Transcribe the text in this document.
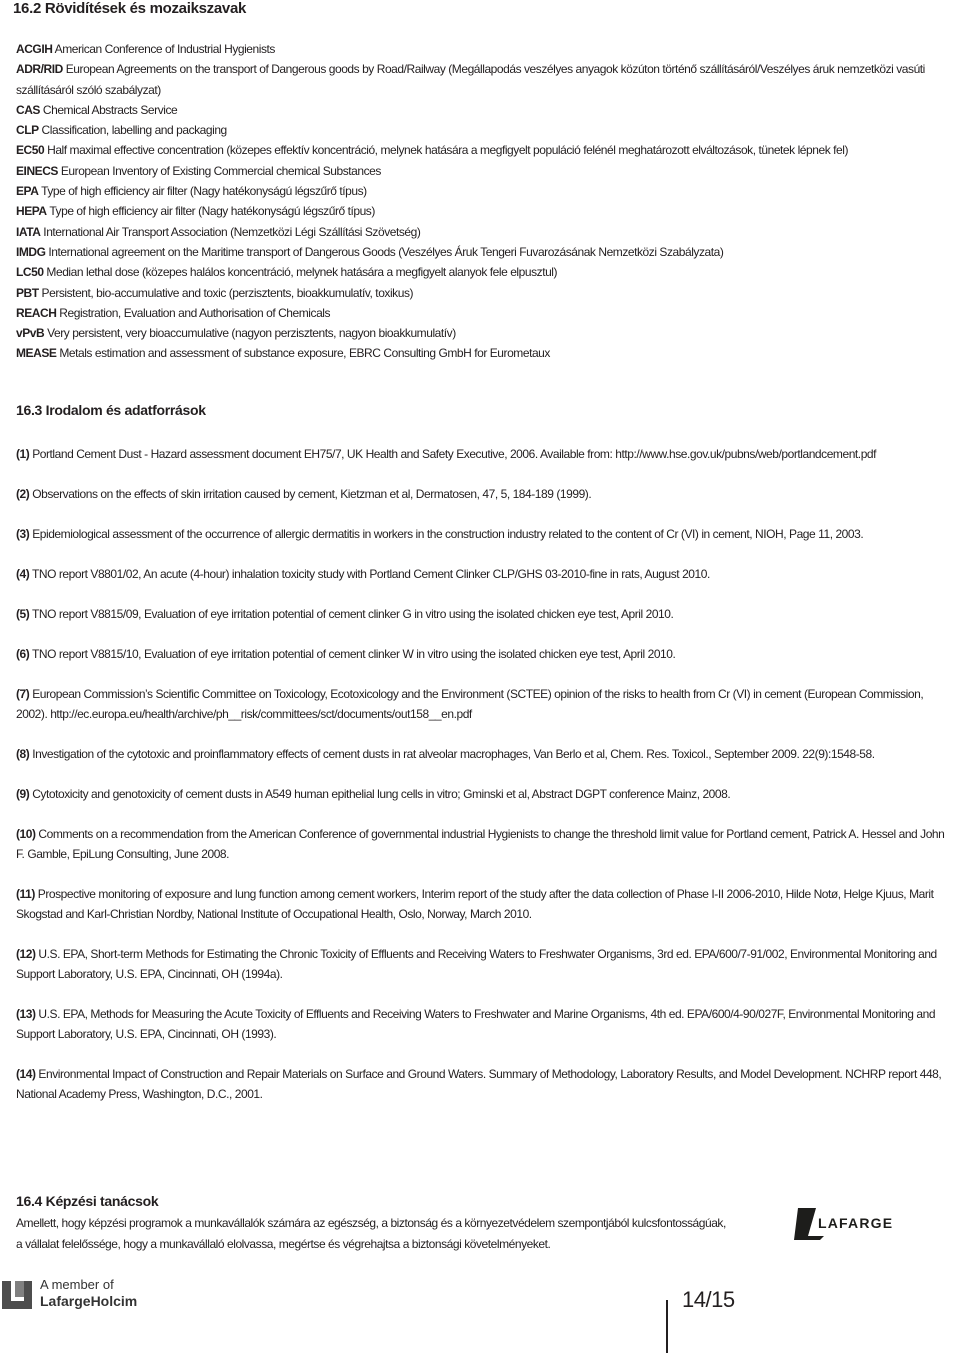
16.2 Rövidítések és mozaikszavak
ACGIH American Conference of Industrial Hygienists
ADR/RID European Agreements on the transport of Dangerous goods by Road/Railway (Megállapodás veszélyes anyagok közúton történő szállításáról/Veszélyes áruk nemzetközi vasúti szállításáról szóló szabályzat)
CAS Chemical Abstracts Service
CLP Classification, labelling and packaging
EC50 Half maximal effective concentration (közepes effektív koncentráció, melynek hatására a megfigyelt populáció felénél meghatározott elváltozások, tünetek lépnek fel)
EINECS European Inventory of Existing Commercial chemical Substances
EPA Type of high efficiency air filter (Nagy hatékonyságú légszűrő típus)
HEPA Type of high efficiency air filter (Nagy hatékonyságú légszűrő típus)
IATA International Air Transport Association (Nemzetközi Légi Szállítási Szövetség)
IMDG International agreement on the Maritime transport of Dangerous Goods (Veszélyes Áruk Tengeri Fuvarozásának Nemzetközi Szabályzata)
LC50 Median lethal dose (közepes halálos koncentráció, melynek hatására a megfigyelt alanyok fele elpusztul)
PBT Persistent, bio-accumulative and toxic (perzisztents, bioakkumulatív, toxikus)
REACH Registration, Evaluation and Authorisation of Chemicals
vPvB Very persistent, very bioaccumulative (nagyon perzisztents, nagyon bioakkumulatív)
MEASE Metals estimation and assessment of substance exposure, EBRC Consulting GmbH for Eurometaux
16.3 Irodalom és adatforrások
(1) Portland Cement Dust - Hazard assessment document EH75/7, UK Health and Safety Executive, 2006. Available from: http://www.hse.gov.uk/pubns/web/portlandcement.pdf
(2) Observations on the effects of skin irritation caused by cement, Kietzman et al, Dermatosen, 47, 5, 184-189 (1999).
(3) Epidemiological assessment of the occurrence of allergic dermatitis in workers in the construction industry related to the content of Cr (VI) in cement, NIOH, Page 11, 2003.
(4) TNO report V8801/02, An acute (4-hour) inhalation toxicity study with Portland Cement Clinker CLP/GHS 03-2010-fine in rats, August 2010.
(5) TNO report V8815/09, Evaluation of eye irritation potential of cement clinker G in vitro using the isolated chicken eye test, April 2010.
(6) TNO report V8815/10, Evaluation of eye irritation potential of cement clinker W in vitro using the isolated chicken eye test, April 2010.
(7) European Commission’s Scientific Committee on Toxicology, Ecotoxicology and the Environment (SCTEE) opinion of the risks to health from Cr (VI) in cement (European Commission, 2002). http://ec.europa.eu/health/archive/ph__risk/committees/sct/documents/out158__en.pdf
(8) Investigation of the cytotoxic and proinflammatory effects of cement dusts in rat alveolar macrophages, Van Berlo et al, Chem. Res. Toxicol., September 2009. 22(9):1548-58.
(9) Cytotoxicity and genotoxicity of cement dusts in A549 human epithelial lung cells in vitro; Gminski et al, Abstract DGPT conference Mainz, 2008.
(10) Comments on a recommendation from the American Conference of governmental industrial Hygienists to change the threshold limit value for Portland cement, Patrick A. Hessel and John F. Gamble, EpiLung Consulting, June 2008.
(11) Prospective monitoring of exposure and lung function among cement workers, Interim report of the study after the data collection of Phase I-II 2006-2010, Hilde Notø, Helge Kjuus, Marit Skogstad and Karl-Christian Nordby, National Institute of Occupational Health, Oslo, Norway, March 2010.
(12) U.S. EPA, Short-term Methods for Estimating the Chronic Toxicity of Effluents and Receiving Waters to Freshwater Organisms, 3rd ed. EPA/600/7-91/002, Environmental Monitoring and Support Laboratory, U.S. EPA, Cincinnati, OH (1994a).
(13) U.S. EPA, Methods for Measuring the Acute Toxicity of Effluents and Receiving Waters to Freshwater and Marine Organisms, 4th ed. EPA/600/4-90/027F, Environmental Monitoring and Support Laboratory, U.S. EPA, Cincinnati, OH (1993).
(14) Environmental Impact of Construction and Repair Materials on Surface and Ground Waters. Summary of Methodology, Laboratory Results, and Model Development. NCHRP report 448, National Academy Press, Washington, D.C., 2001.
16.4 Képzési tanácsok
Amellett, hogy képzési programok a munkavállalók számára az egészség, a biztonság és a környezetvédelem szempontjából kulcsfontosságúak,
a vállalat felelőssége, hogy a munkavállaló elolvassa, megértse és végrehajtsa a biztonsági követelményeket.
LAFARGE
A member of
LafargeHolcim	14/15
